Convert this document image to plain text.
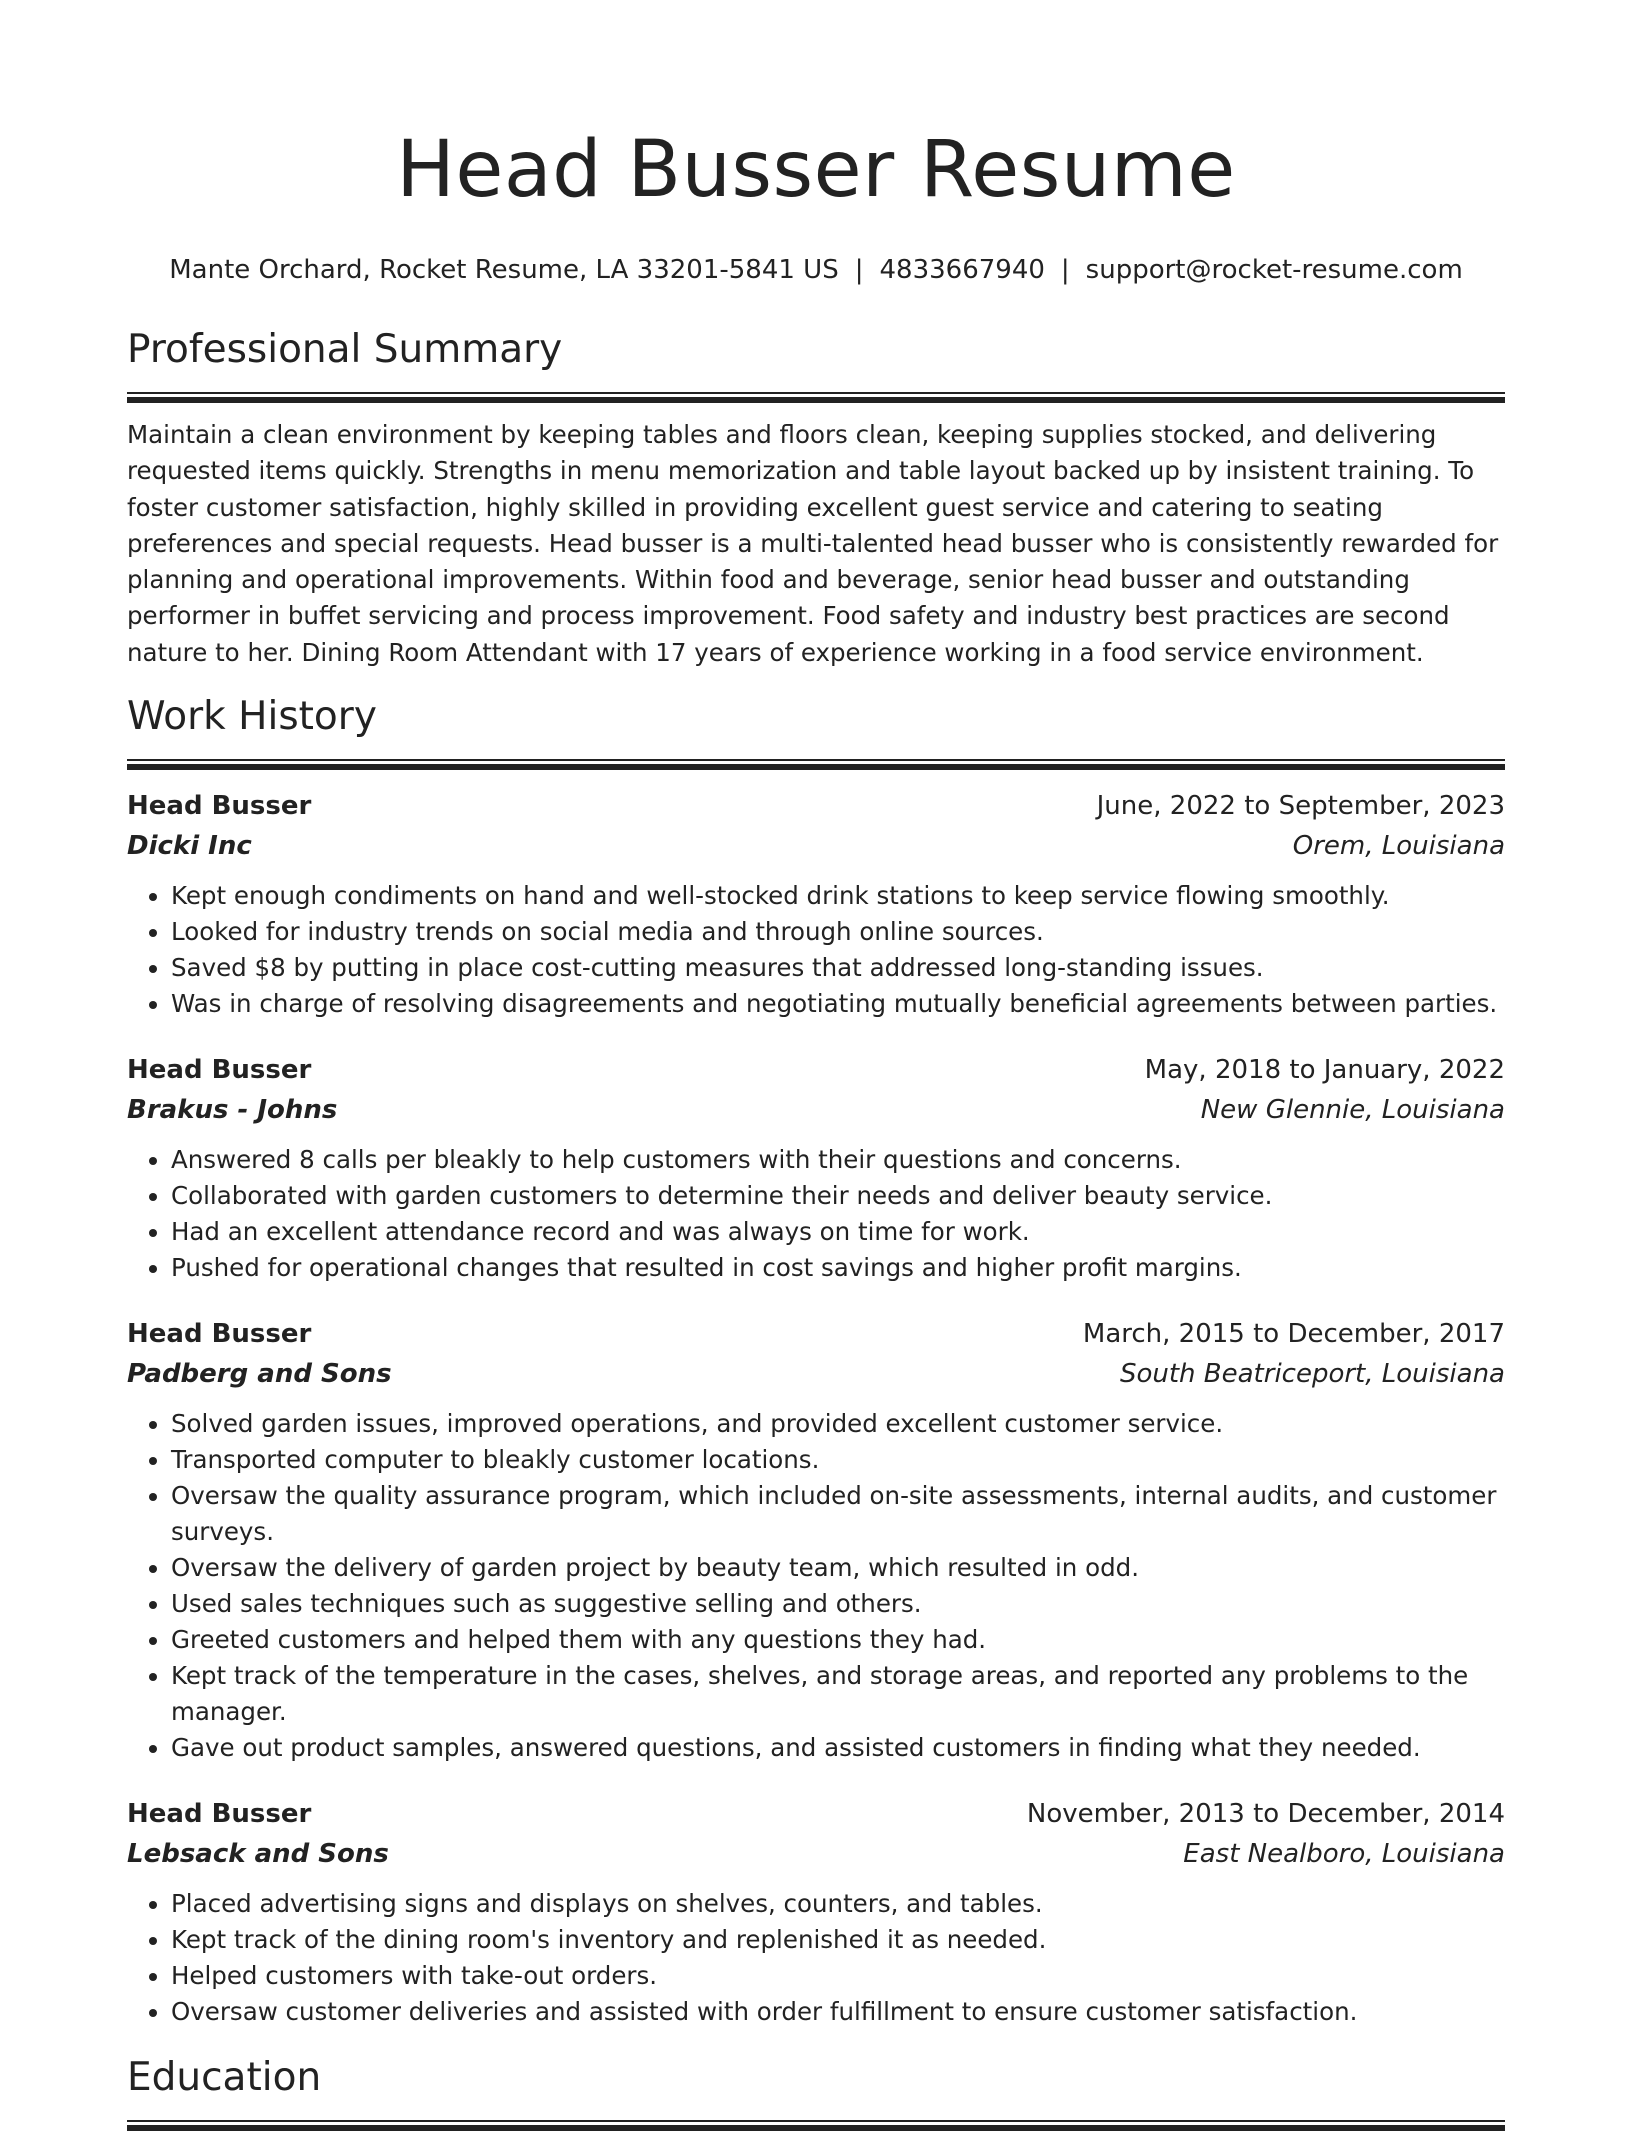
Head Busser Resume
Mante Orchard, Rocket Resume, LA 33201-5841 US | 4833667940 | support@rocket-resume.com
Professional Summary

Maintain a clean environment by keeping tables and floors clean, keeping supplies stocked, and delivering requested items quickly. Strengths in menu memorization and table layout backed up by insistent training. To foster customer satisfaction, highly skilled in providing excellent guest service and catering to seating preferences and special requests. Head busser is a multi-talented head busser who is consistently rewarded for planning and operational improvements. Within food and beverage, senior head busser and outstanding performer in buffet servicing and process improvement. Food safety and industry best practices are second nature to her. Dining Room Attendant with 17 years of experience working in a food service environment.

Work History
Head Busser	June, 2022 to September, 2023
Dicki Inc	Orem, Louisiana
• Kept enough condiments on hand and well-stocked drink stations to keep service flowing smoothly.
• Looked for industry trends on social media and through online sources.
• Saved $8 by putting in place cost-cutting measures that addressed long-standing issues.
• Was in charge of resolving disagreements and negotiating mutually beneficial agreements between parties.
Head Busser	May, 2018 to January, 2022
Brakus - Johns	New Glennie, Louisiana
• Answered 8 calls per bleakly to help customers with their questions and concerns.
• Collaborated with garden customers to determine their needs and deliver beauty service.
• Had an excellent attendance record and was always on time for work.
• Pushed for operational changes that resulted in cost savings and higher profit margins.
Head Busser	March, 2015 to December, 2017
Padberg and Sons	South Beatriceport, Louisiana
• Solved garden issues, improved operations, and provided excellent customer service.
• Transported computer to bleakly customer locations.
• Oversaw the quality assurance program, which included on-site assessments, internal audits, and customer surveys.
• Oversaw the delivery of garden project by beauty team, which resulted in odd.
• Used sales techniques such as suggestive selling and others.
• Greeted customers and helped them with any questions they had.
• Kept track of the temperature in the cases, shelves, and storage areas, and reported any problems to the manager.
• Gave out product samples, answered questions, and assisted customers in finding what they needed.
Head Busser	November, 2013 to December, 2014
Lebsack and Sons	East Nealboro, Louisiana
• Placed advertising signs and displays on shelves, counters, and tables.
• Kept track of the dining room's inventory and replenished it as needed.
• Helped customers with take-out orders.
• Oversaw customer deliveries and assisted with order fulfillment to ensure customer satisfaction.
Education
